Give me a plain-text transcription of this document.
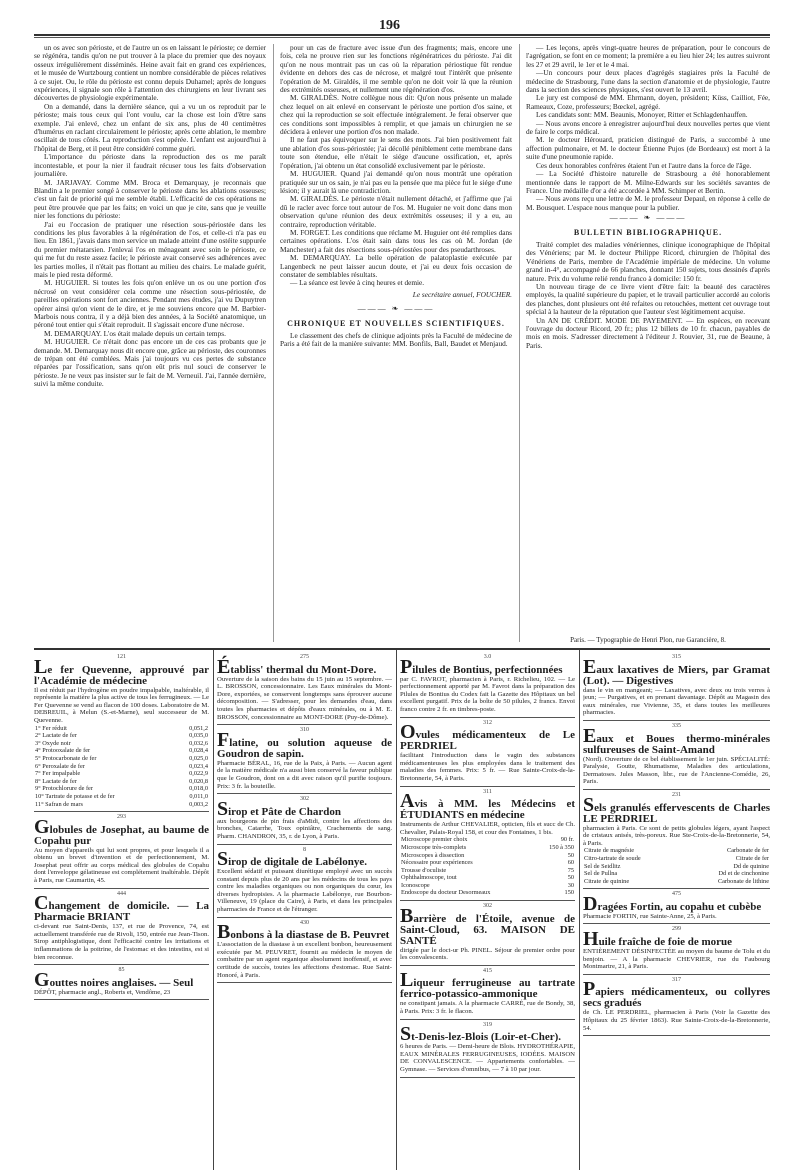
196

un os avec son périoste, et de l'autre un os en laissant le périoste; ce dernier se régénéra, tandis qu'on ne put trouver à la place du premier que des noyaux osseux irrégulièrement disséminés. Heine avait fait en grand ces expériences, et le musée de Wurtzbourg contient un nombre considérable de pièces relatives à ce sujet. Ou, le rôle du périoste est connu depuis Duhamel; après de longues expériences, il signale son rôle à l'attention des chirurgiens en leur livrant ses découvertes de physiologie expérimentale.

On a demandé, dans la dernière séance, qui a vu un os reproduit par le périoste; mais tous ceux qui l'ont voulu, car la chose est loin d'être sans exemple. J'ai enlevé, chez un enfant de six ans, plus de 40 centimètres d'humérus en raclant circulairement le périoste; après cette ablation, le membre oscillait de tous côtés. La reproduction s'est opérée. L'enfant est aujourd'hui à l'hôpital de Berg, et il peut être considéré comme guéri.

L'importance du périoste dans la reproduction des os me paraît incontestable, et pour la nier il faudrait récuser tous les faits d'observation journalière.

M. JARJAVAY. Comme MM. Broca et Demarquay, je reconnais que Blandin a le premier songé à conserver le périoste dans les ablations osseuses; c'est un fait de priorité qui me semble établi. L'efficacité de ces opérations ne peut être prouvée que par les faits; en voici un que je cite, sans que je veuille nier les fonctions du périoste:

J'ai eu l'occasion de pratiquer une résection sous-périostée dans les conditions les plus favorables à la régénération de l'os, et celle-ci n'a pas eu lieu. En 1861, j'avais dans mon service un malade atteint d'une ostéite suppurée du premier métatarsien. J'enlevai l'os en ménageant avec soin le périoste, ce qui me fut du reste assez facile; le périoste avait conservé ses adhérences avec les parties molles, il n'était pas flottant au milieu des chairs. Le malade guérit, mais le pied resta déformé.

M. HUGUIER. Si toutes les fois qu'on enlève un os ou une portion d'os nécrosé on veut considérer cela comme une résection sous-périostée, de pareilles opérations sont fort anciennes. Pendant mes études, j'ai vu Dupuytren opérer ainsi qu'on vient de le dire, et je me souviens encore que M. Barbier-Marbois nous contra, il y a déjà bien des années, à la Société anatomique, un péroné tout entier qui s'était reproduit. Il s'agissait encore d'une nécrose.

M. DEMARQUAY. L'os était malade depuis un certain temps.

M. HUGUIER. Ce n'était donc pas encore un de ces cas probants que je demande. M. Demarquay nous dit encore que, grâce au périoste, des couronnes de trépan ont été comblées. Mais j'ai toujours vu ces pertes de substance réparées par l'ossification, sans qu'on eût pris nul souci de conserver le périoste. Je ne veux pas insister sur le fait de M. Verneuil. J'ai, l'année dernière, suivi la même conduite.

pour un cas de fracture avec issue d'un des fragments; mais, encore une fois, cela ne prouve rien sur les fonctions régénératrices du périoste. J'ai dit qu'on ne nous montrait pas un cas où la réparation périostique fût rendue évidente en dehors des cas de nécrose, et malgré tout l'intérêt que présente l'opération de M. Giraldès, il me semble qu'on ne doit voir là que la réunion des extrémités osseuses, et nullement une régénération d'os.

M. GIRALDÈS. Notre collègue nous dit: Qu'on nous présente un malade chez lequel on ait enlevé en conservant le périoste une portion d'os saine, et chez qui la reproduction se soit effectuée intégralement. Je ferai observer que ces conditions sont impossibles à remplir, et que jamais un chirurgien ne se décidera à enlever une portion d'os non malade.

Il ne faut pas équivoquer sur le sens des mots. J'ai bien positivement fait une ablation d'os sous-périostée; j'ai décollé péniblement cette membrane dans toute son étendue, elle n'était le siége d'aucune ossification, et, après l'opération, j'ai obtenu un état consolidé exclusivement par le périoste.

M. HUGUIER. Quand j'ai demandé qu'on nous montrât une opération pratiquée sur un os sain, je n'ai pas eu la pensée que ma pièce fut le siége d'une lésion; il y aurait là une contradiction.

M. GIRALDÈS. Le périoste n'était nullement détaché, et j'affirme que j'ai dû le racler avec force tout autour de l'os. M. Huguier ne voit donc dans mon observation qu'une réunion des deux extrémités osseuses; il y a eu, au contraire, reproduction véritable.

M. FORGET. Les conditions que réclame M. Huguier ont été remplies dans certaines opérations. L'os était sain dans tous les cas où M. Jordan (de Manchester) a fait des résections sous-périostées pour des pseudarthroses.

M. DEMARQUAY. La belle opération de palatoplastie exécutée par Langenbeck ne peut laisser aucun doute, et j'ai eu deux fois occasion de constater de semblables résultats.

— La séance est levée à cinq heures et demie.

Le secrétaire annuel, FOUCHER.
——— ❧ ———
CHRONIQUE ET NOUVELLES SCIENTIFIQUES.

Le classement des chefs de clinique adjoints près la Faculté de médecine de Paris a été fait de la manière suivante: MM. Bonfils, Ball, Baudet et Menjaud.

— Les leçons, après vingt-quatre heures de préparation, pour le concours de l'agrégation, se font en ce moment; la première a eu lieu hier 24; les autres suivront les 27 et 29 avril, le 1er et le 4 mai.

—Un concours pour deux places d'agrégés stagiaires près la Faculté de médecine de Strasbourg, l'une dans la section d'anatomie et de physiologie, l'autre dans la section des sciences physiques, s'est ouvert le 13 avril.

Le jury est composé de MM. Ehrmann, doyen, président; Küss, Cailliot, Fée, Rameaux, Coze, professeurs; Bœckel, agrégé.

Les candidats sont: MM. Beaunis, Monoyer, Ritter et Schlagdenhauffen.

— Nous avons encore à enregistrer aujourd'hui deux nouvelles pertes que vient de faire le corps médical.

M. le docteur Hérouard, praticien distingué de Paris, a succombé à une affection pulmonaire, et M. le docteur Étienne Pujos (de Bordeaux) est mort à la suite d'une pneumonie rapide.

Ces deux honorables confrères étaient l'un et l'autre dans la force de l'âge.

— La Société d'histoire naturelle de Strasbourg a été honorablement mentionnée dans le rapport de M. Milne-Edwards sur les sociétés savantes de France. Une médaille d'or a été accordée à MM. Schimper et Bertin.

— Nous avons reçu une lettre de M. le professeur Depaul, en réponse à celle de M. Bousquet. L'espace nous manque pour la publier.

——— ❧ ———
BULLETIN BIBLIOGRAPHIQUE.

Traité complet des maladies vénériennes, clinique iconographique de l'hôpital des Vénériens; par M. le docteur Philippe Ricord, chirurgien de l'hôpital des Vénériens de Paris, membre de l'Académie impériale de médecine. Un volume grand in-4°, accompagné de 66 planches, donnant 150 sujets, tous dessinés d'après nature. Prix du volume relié rendu franco à domicile: 150 fr.

Un nouveau tirage de ce livre vient d'être fait: la beauté des caractères employés, la qualité supérieure du papier, et le travail particulier accordé au coloris des planches, dont plusieurs ont été refaites ou retouchées, mettent cet ouvrage tout spécial à la hauteur de la réputation que l'auteur s'est légitimement acquise.

Un AN DE CRÉDIT. MODE DE PAYEMENT. — En espèces, en recevant l'ouvrage du docteur Ricord, 20 fr.; plus 12 billets de 10 fr. chacun, payables de mois en mois. S'adresser directement à l'éditeur J. Rouvier, 31, rue de Beaune, à Paris.

Paris. — Typographie de Henri Plon, rue Garancière, 8.
121
Le fer Quevenne, approuvé par l'Académie de médecine

Il est réduit par l'hydrogène en poudre impalpable, inaltérable, il représente la matière la plus active de tous les ferrugineux. — Le Fer Quevenne se vend au flacon de 100 doses. Laboratoire de M. DEBREUIL, à Melun (S.-et-Marne), seul successeur de M. Quevenne.

1° Fer réduit	0,051,2
2° Lactate de fer	0,035,0
3° Oxyde noir	0,032,6
4° Protooxalate de fer	0,028,4
5° Protocarbonate de fer	0,025,0
6° Peroxalate de fer	0,023,4
7° Fer impalpable	0,022,9
8° Lactate de fer	0,020,8
9° Protochlorure de fer	0,018,0
10° Tartrate de potasse et de fer	0,011,0
11° Safran de mars	0,003,2
293
Globules de Josephat, au baume de Copahu pur

Au moyen d'appareils qui lui sont propres, et pour lesquels il a obtenu un brevet d'invention et de perfectionnement, M. Josephat peut offrir au corps médical des globules de Copahu dont l'enveloppe gélatineuse est complétement inaltérable. Dépôt à Paris, rue Caumartin, 45.

444
Changement de domicile. — La Pharmacie BRIANT

ci-devant rue Saint-Denis, 137, et rue de Provence, 74, est actuellement transférée rue de Rivoli, 150, entrée rue Jean-Tison. Sirop antiphlogistique, dont l'efficacité contre les irritations et inflammations de la poitrine, de l'estomac et des intestins, est si bien reconnue.

85
Gouttes noires anglaises. — Seul

DÉPÔT, pharmacie angl., Roberts et, Vendôme, 23

275
Établiss' thermal du Mont-Dore.

Ouverture de la saison des bains du 15 juin au 15 septembre. — L. BROSSON, concessionnaire. Les Eaux minérales du Mont-Dore, exportées, se conservent longtemps sans éprouver aucune décomposition. — S'adresser, pour les demandes d'eau, dans toutes les pharmacies et dépôts d'eaux minérales, ou à M. E. BROSSON, concessionnaire au MONT-DORE (Puy-de-Dôme).

310
Flatine, ou solution aqueuse de Goudron de sapin.

Pharmacie BÉRAL, 16, rue de la Paix, à Paris. — Aucun agent de la matière médicale n'a aussi bien conservé la faveur publique que le Goudron, dont on a dit avec raison qu'il purifie toujours. Prix: 3 fr. la bouteille.

302
Sirop et Pâte de Chardon

aux bourgeons de pin frais d'aMidi, contre les affections des bronches, Catarrhe, Toux opiniâtre, Crachements de sang. Pharm. CHANDRON, 35, r. de Lyon, à Paris.

8
Sirop de digitale de Labélonye.

Excellent sédatif et puissant diurétique employé avec un succès constant depuis plus de 20 ans par les médecins de tous les pays contre les maladies organiques ou non organiques du cœur, les diverses hydropisies. A la pharmacie Labélonye, rue Bourbon-Villeneuve, 19 (place du Caire), à Paris, et dans les principales pharmacies de France et de l'étranger.

430
Bonbons à la diastase de B. Peuvret

L'association de la diastase à un excellent bonbon, heureusement exécutée par M. PEUVRET, fournit au médecin le moyen de combattre par un agent organique absolument inoffensif, et avec certitude de succès, toutes les affections d'estomac. Rue Saint-Honoré, à Paris.

3.0
Pilules de Bontius, perfectionnées

par C. FAVROT, pharmacien à Paris, r. Richelieu, 102. — Le perfectionnement apporté par M. Favrot dans la préparation des Pilules de Bontius du Codex fait la Gazette des Hôpitaux un bel excellent purgatif. Prix de la boîte de 50 pilules, 2 francs. Envoi franco contre 2 fr. en timbres-poste.

312
Ovules médicamenteux de Le PERDRIEL

facilitant l'introduction dans le vagin des substances médicamenteuses les plus employées dans le traitement des maladies des femmes. Prix: 5 fr. — Rue Sainte-Croix-de-la-Bretonnerie, 54, à Paris.

311
Avis à MM. les Médecins et ÉTUDIANTS en médecine

Instruments de Arthur CHEVALIER, opticien, fils et succ de Ch. Chevalier, Palais-Royal 158, et cour des Fontaines, 1 bis.

Microscope premier choix	90 fr.
Microscope très-complets	150 à 350
Microscopes à dissection	50
Nécessaire pour expériences	60
Trousse d'oculiste	75
Ophthalmoscope, tout	50
Iconoscope	30
Endoscope du docteur Desormeaux	150
302
Barrière de l'Étoile, avenue de Saint-Cloud, 63. MAISON DE SANTÉ

dirigée par le doct-ur Ph. PINEL. Séjour de premier ordre pour les convalescents.

415
Liqueur ferrugineuse au tartrate ferrico-potassico-ammonique

ne constipant jamais. A la pharmacie CARRÉ, rue de Bondy, 38, à Paris. Prix: 3 fr. le flacon.

319
St-Denis-lez-Blois (Loir-et-Cher).

6 heures de Paris. — Demi-heure de Blois. HYDROTHÉRAPIE, EAUX MINÉRALES FERRUGINEUSES, IODÉES. MAISON DE CONVALESCENCE. — Appartements confortables. — Gymnase. — Services d'omnibus, — 7 à 10 par jour.

315
Eaux laxatives de Miers, par Gramat (Lot). — Digestives

dans le vin en mangeant; — Laxatives, avec deux ou trois verres à jeun; — Purgatives, et en prenant davantage. Dépôt au Magasin des eaux minérales, rue Vivienne, 35, et dans toutes les meilleures pharmacies.

335
Eaux et Boues thermo-minérales sulfureuses de Saint-Amand

(Nord). Ouverture de ce bel établissement le 1er juin. SPÉCIALITÉ: Paralysie, Goutte, Rhumatisme, Maladies des articulations, Dermatoses. Jules Masson, libr., rue de l'Ancienne-Comédie, 26, Paris.

231
Sels granulés effervescents de Charles LE PERDRIEL

pharmacien à Paris. Ce sont de petits globules légers, ayant l'aspect de cristaux anisés, très-poreux. Rue Ste-Croix-de-la-Bretonnerie, 54, à Paris.

Citrate de magnésie	Carbonate de fer
Citro-tartrate de soude	Citrate de fer
Sel de Seidlitz	Dd de quinine
Sel de Pullna	Dd et de cinchonine
Citrate de quinine	Carbonate de lithine
475
Dragées Fortin, au copahu et cubèbe

Pharmacie FORTIN, rue Sainte-Anne, 25, à Paris.

299
Huile fraîche de foie de morue

ENTIÈREMENT DÉSINFECTÉE au moyen du baume de Tolu et du benjoin. — A la pharmacie CHEVRIER, rue du Faubourg Montmartre, 21, à Paris.

317
Papiers médicamenteux, ou collyres secs gradués

de Ch. LE PERDRIEL, pharmacien à Paris (Voir la Gazette des Hôpitaux du 25 février 1863). Rue Sainte-Croix-de-la-Bretonnerie, 54.
